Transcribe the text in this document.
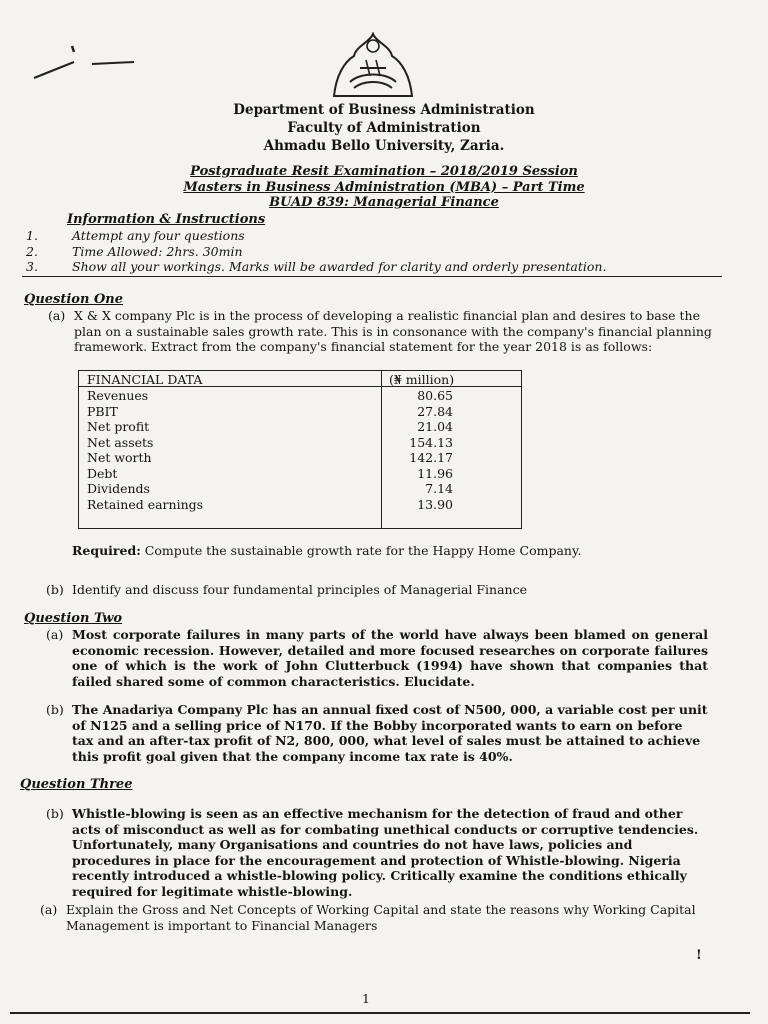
Department of Business Administration
Faculty of Administration
Ahmadu Bello University, Zaria.
Postgraduate Resit Examination – 2018/2019 Session
Masters in Business Administration (MBA) – Part Time
BUAD 839: Managerial Finance
Information & Instructions
1.	Attempt any four questions
2.	Time Allowed: 2hrs. 30min
3.	Show all your workings. Marks will be awarded for clarity and orderly presentation.
Question One
(a) X & X company Plc is in the process of developing a realistic financial plan and desires to base the plan on a sustainable sales growth rate. This is in consonance with the company's financial planning framework. Extract from the company's financial statement for the year 2018 is as follows:
FINANCIAL DATA	(₦ million)
Revenues	80.65
PBIT	27.84
Net profit	21.04
Net assets	154.13
Net worth	142.17
Debt	11.96
Dividends	7.14
Retained earnings	13.90
Required: Compute the sustainable growth rate for the Happy Home Company.
(b) Identify and discuss four fundamental principles of Managerial Finance
Question Two
(a) Most corporate failures in many parts of the world have always been blamed on general economic recession. However, detailed and more focused researches on corporate failures one of which is the work of John Clutterbuck (1994) have shown that companies that failed shared some of common characteristics. Elucidate.
(b) The Anadariya Company Plc has an annual fixed cost of N500, 000, a variable cost per unit of N125 and a selling price of N170. If the Bobby incorporated wants to earn on before tax and an after-tax profit of N2, 800, 000, what level of sales must be attained to achieve this profit goal given that the company income tax rate is 40%.
Question Three
(b) Whistle-blowing is seen as an effective mechanism for the detection of fraud and other acts of misconduct as well as for combating unethical conducts or corruptive tendencies. Unfortunately, many Organisations and countries do not have laws, policies and procedures in place for the encouragement and protection of Whistle-blowing. Nigeria recently introduced a whistle-blowing policy. Critically examine the conditions ethically required for legitimate whistle-blowing.
(a) Explain the Gross and Net Concepts of Working Capital and state the reasons why Working Capital Management is important to Financial Managers
!
1
